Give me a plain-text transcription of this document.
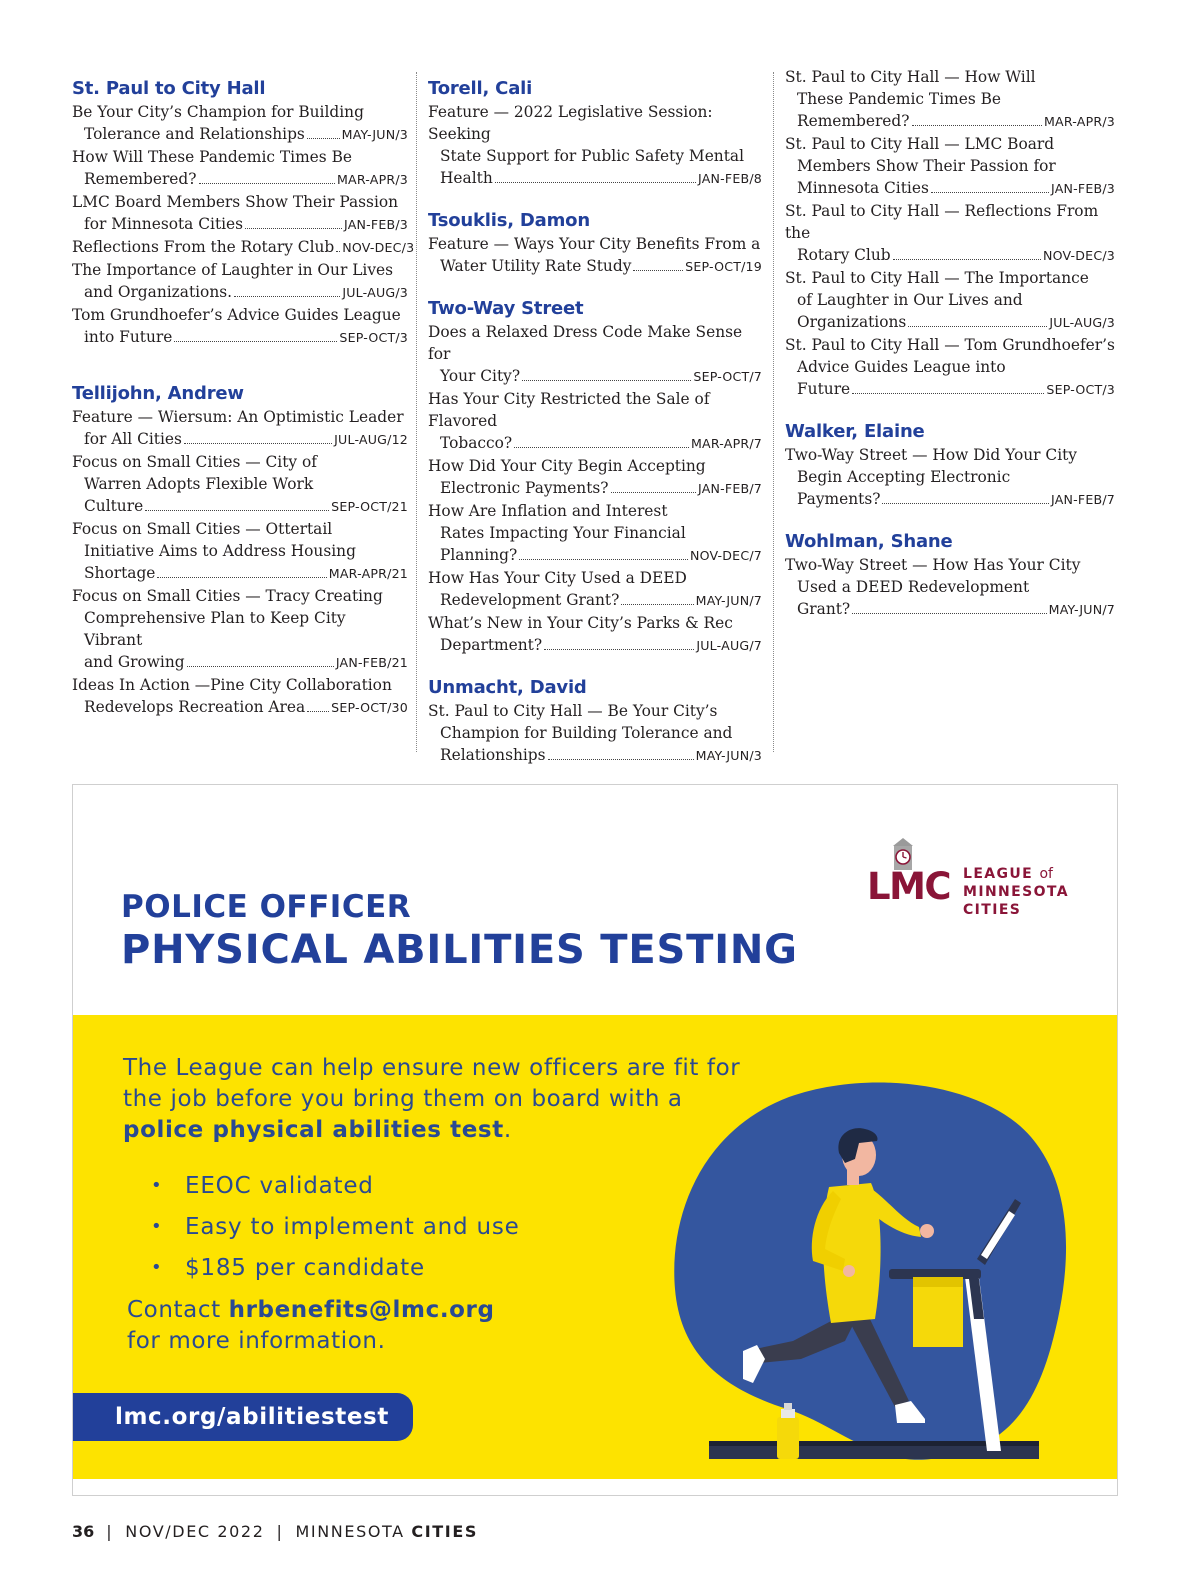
St. Paul to City Hall
Be Your City’s Champion for Building
Tolerance and Relationships	MAY-JUN/3
How Will These Pandemic Times Be
Remembered?	MAR-APR/3
LMC Board Members Show Their Passion
for Minnesota Cities	JAN-FEB/3
Reflections From the Rotary Club NOV-DEC/3
The Importance of Laughter in Our Lives
and Organizations.	JUL-AUG/3
Tom Grundhoefer’s Advice Guides League
into Future	SEP-OCT/3
Tellijohn, Andrew
Feature — Wiersum: An Optimistic Leader
for All Cities	JUL-AUG/12
Focus on Small Cities — City of
Warren Adopts Flexible Work
Culture	SEP-OCT/21
Focus on Small Cities — Ottertail
Initiative Aims to Address Housing
Shortage	MAR-APR/21
Focus on Small Cities — Tracy Creating
Comprehensive Plan to Keep City Vibrant
and Growing	JAN-FEB/21
Ideas In Action —Pine City Collaboration
Redevelops Recreation Area SEP-OCT/30
Torell, Cali
Feature — 2022 Legislative Session: Seeking
State Support for Public Safety Mental
Health	JAN-FEB/8
Tsouklis, Damon
Feature — Ways Your City Benefits From a
Water Utility Rate Study	SEP-OCT/19
Two-Way Street
Does a Relaxed Dress Code Make Sense for
Your City?	SEP-OCT/7
Has Your City Restricted the Sale of Flavored
Tobacco?	MAR-APR/7
How Did Your City Begin Accepting
Electronic Payments?	JAN-FEB/7
How Are Inflation and Interest
Rates Impacting Your Financial
Planning?	NOV-DEC/7
How Has Your City Used a DEED
Redevelopment Grant?	MAY-JUN/7
What’s New in Your City’s Parks & Rec
Department?	JUL-AUG/7
Unmacht, David
St. Paul to City Hall — Be Your City’s
Champion for Building Tolerance and
Relationships	MAY-JUN/3
St. Paul to City Hall — How Will
These Pandemic Times Be
Remembered?	MAR-APR/3
St. Paul to City Hall — LMC Board
Members Show Their Passion for
Minnesota Cities	JAN-FEB/3
St. Paul to City Hall — Reflections From the
Rotary Club	NOV-DEC/3
St. Paul to City Hall — The Importance
of Laughter in Our Lives and
Organizations	JUL-AUG/3
St. Paul to City Hall — Tom Grundhoefer’s
Advice Guides League into
Future	SEP-OCT/3
Walker, Elaine
Two-Way Street — How Did Your City
Begin Accepting Electronic
Payments?	JAN-FEB/7
Wohlman, Shane
Two-Way Street — How Has Your City
Used a DEED Redevelopment
Grant?	MAY-JUN/7
POLICE OFFICER
PHYSICAL ABILITIES TESTING
LMC LEAGUE of
MINNESOTA
CITIES
The League can help ensure new officers are fit for the job before you bring them on board with a police physical abilities test.
• EEOC validated
• Easy to implement and use
• $185 per candidate
Contact hrbenefits@lmc.org
for more information.
lmc.org/abilitiestest
36 | NOV/DEC 2022 | MINNESOTA CITIES
